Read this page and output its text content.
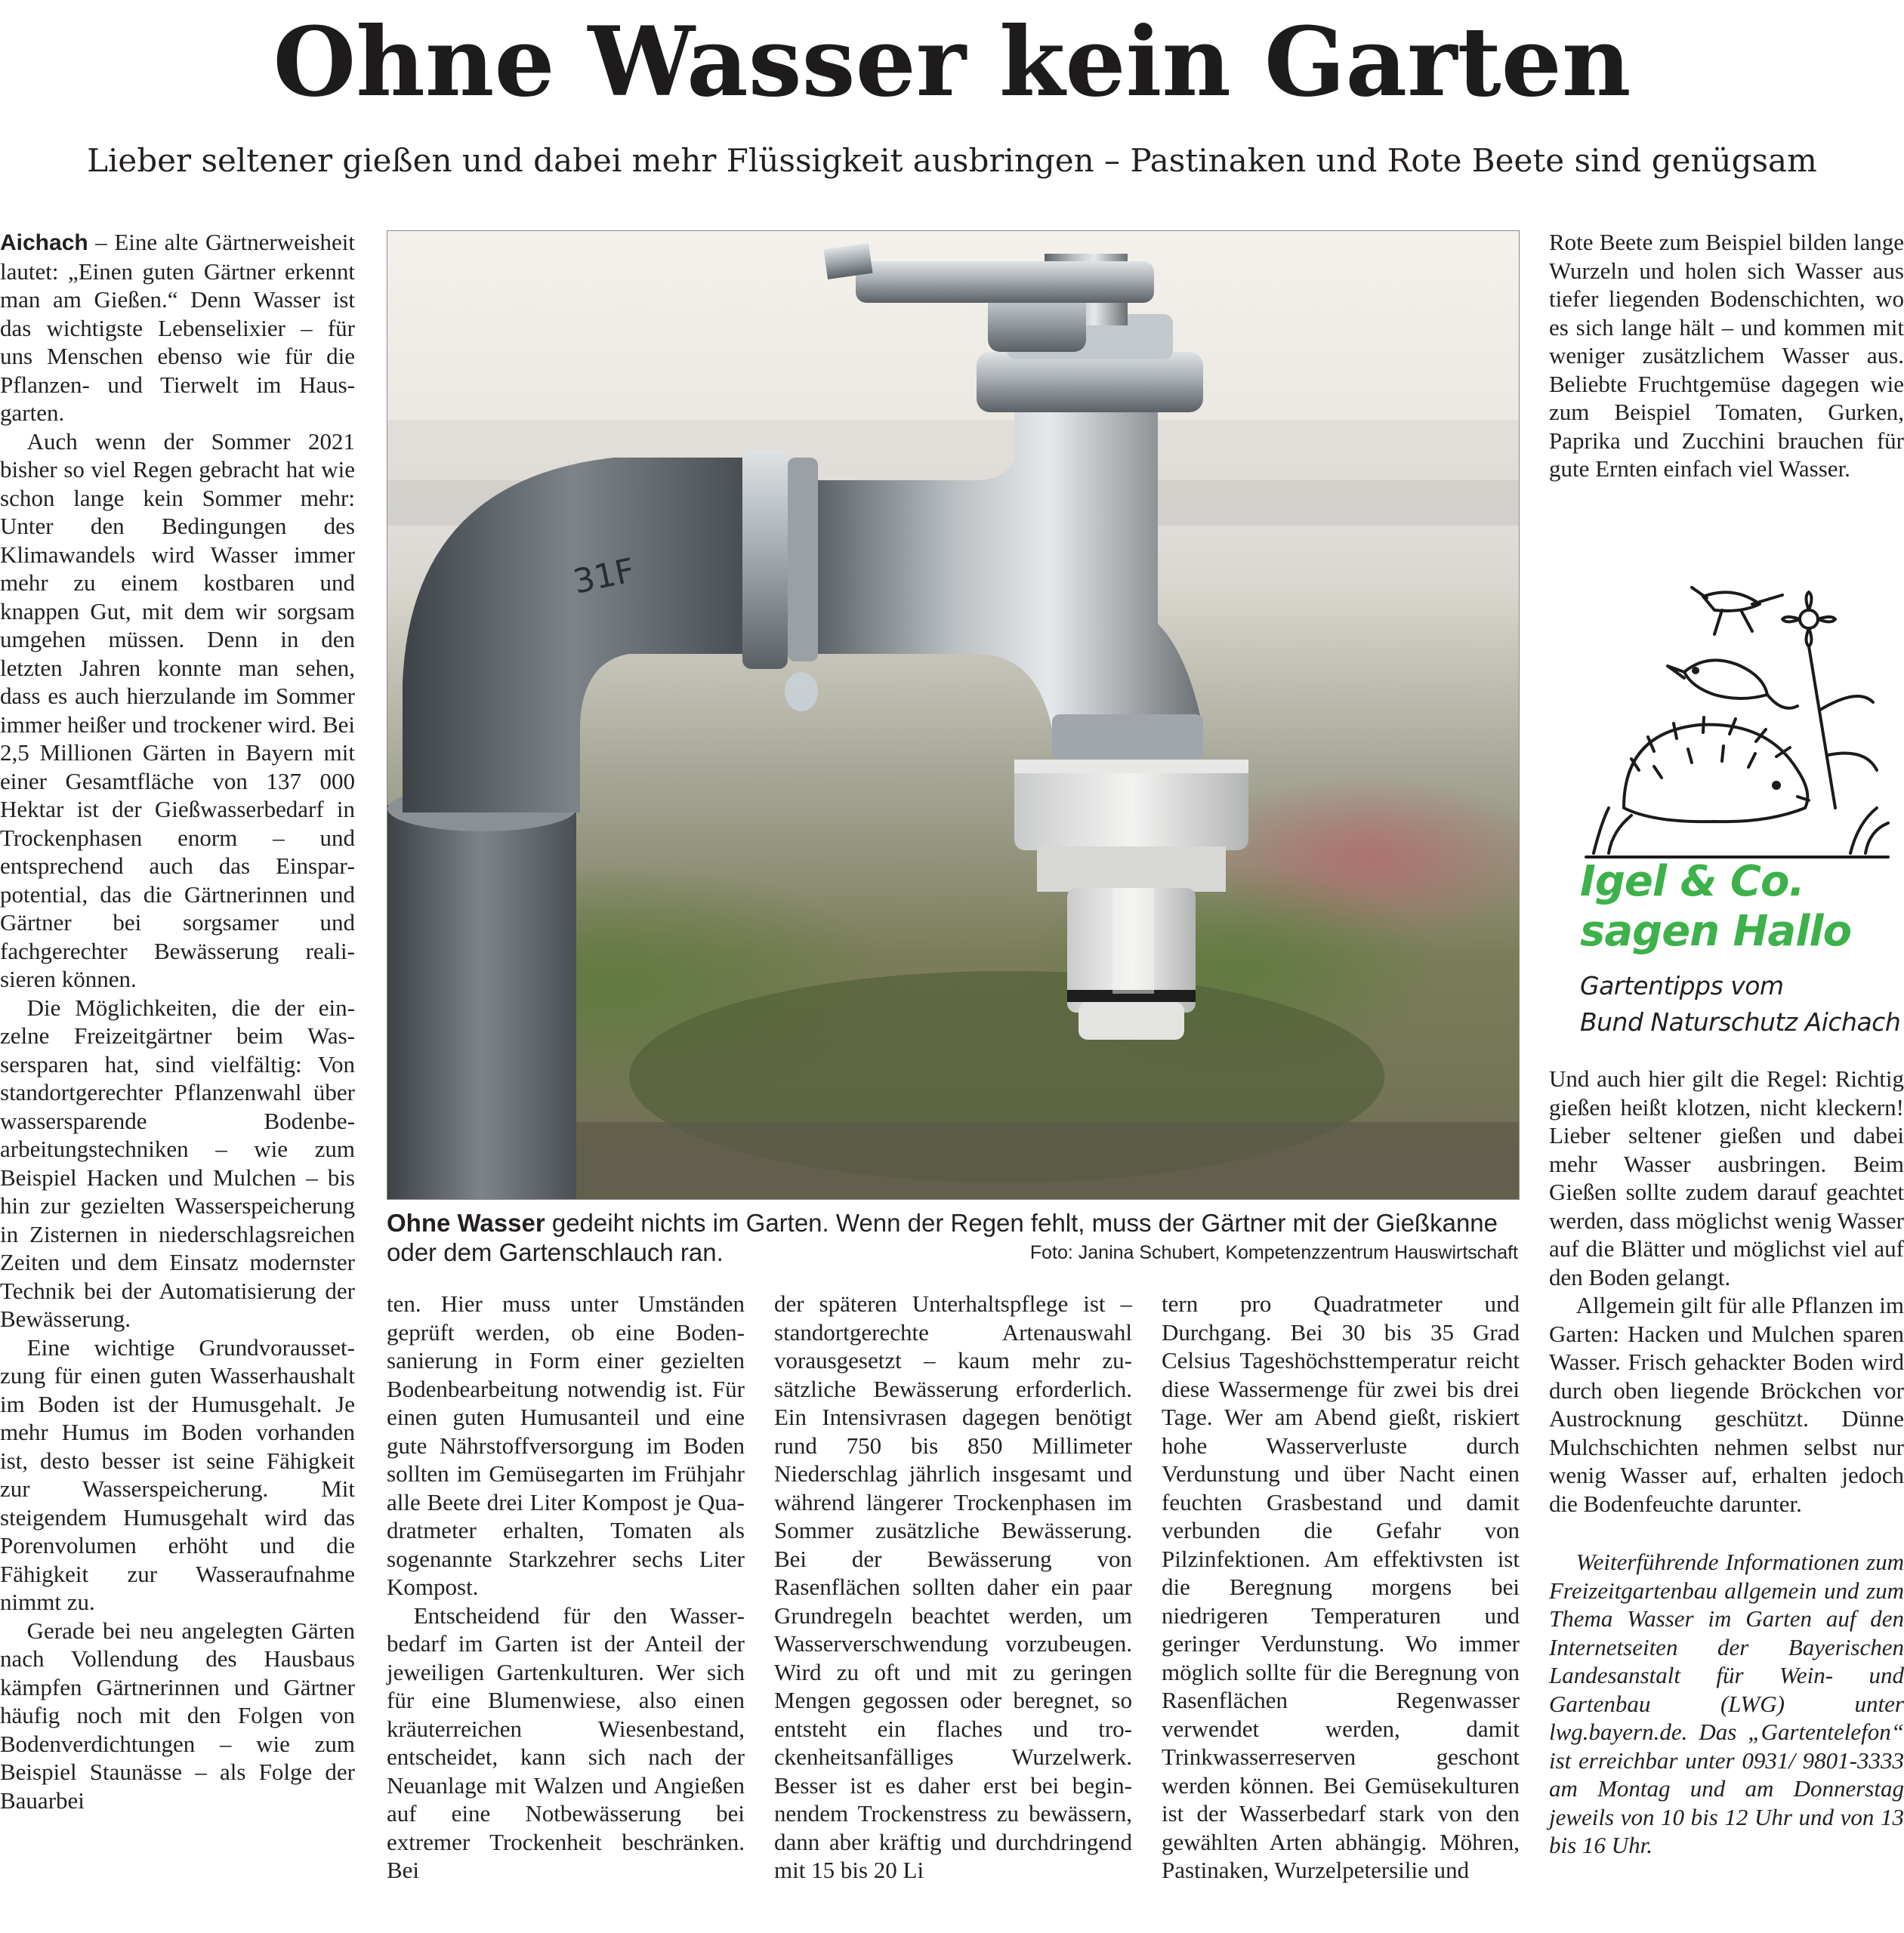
Ohne Wasser kein Garten
Lieber seltener gießen und dabei mehr Flüssigkeit ausbringen – Pastinaken und Rote Beete sind genügsam

Aichach – Eine alte Gärtnerweisheit lautet: „Einen guten Gärtner erkennt man am Gießen.“ Denn Wasser ist das wichtigste Lebenselixier – für uns Menschen ebenso wie für die Pflanzen- und Tierwelt im Hausgarten.

Auch wenn der Sommer 2021 bisher so viel Regen gebracht hat wie schon lange kein Sommer mehr: Unter den Bedingungen des Klimawandels wird Wasser immer mehr zu einem kostbaren und knappen Gut, mit dem wir sorgsam umgehen müssen. Denn in den letzten Jahren konnte man sehen, dass es auch hierzulande im Sommer immer heißer und trockener wird. Bei 2,5 Millionen Gärten in Bayern mit einer Gesamtfläche von 137 000 Hektar ist der Gießwasserbedarf in Trockenphasen enorm – und entsprechend auch das Einsparpotential, das die Gärtnerinnen und Gärtner bei sorgsamer und fachgerechter Bewässerung realisieren können.

Die Möglichkeiten, die der einzelne Freizeitgärtner beim Wassersparen hat, sind vielfältig: Von standortgerechter Pflanzenwahl über wassersparende Bodenbearbeitungstechniken – wie zum Beispiel Hacken und Mulchen – bis hin zur gezielten Wasserspeicherung in Zisternen in niederschlagsreichen Zeiten und dem Einsatz modernster Technik bei der Automatisierung der Bewässerung.

Eine wichtige Grundvoraussetzung für einen guten Wasserhaushalt im Boden ist der Humusgehalt. Je mehr Humus im Boden vorhanden ist, desto besser ist seine Fähigkeit zur Wasserspeicherung. Mit steigendem Humusgehalt wird das Porenvolumen erhöht und die Fähigkeit zur Wasseraufnahme nimmt zu.

Gerade bei neu angelegten Gärten nach Vollendung des Hausbaus kämpfen Gärtnerinnen und Gärtner häufig noch mit den Folgen von Bodenverdichtungen – wie zum Beispiel Staunässe – als Folge der Bauarbei

31F
Ohne Wasser gedeiht nichts im Garten. Wenn der Regen fehlt, muss der Gärtner mit der Gießkanne oder dem Gartenschlauch ran.	Foto: Janina Schubert, Kompetenzzentrum Hauswirtschaft

ten. Hier muss unter Umständen geprüft werden, ob eine Bodensanierung in Form einer gezielten Bodenbearbeitung notwendig ist. Für einen guten Humusanteil und eine gute Nährstoffversorgung im Boden sollten im Gemüsegarten im Frühjahr alle Beete drei Liter Kompost je Quadratmeter erhalten, Tomaten als sogenannte Starkzehrer sechs Liter Kompost.

Entscheidend für den Wasserbedarf im Garten ist der Anteil der jeweiligen Gartenkulturen. Wer sich für eine Blumenwiese, also einen kräuterreichen Wiesenbestand, entscheidet, kann sich nach der Neuanlage mit Walzen und Angießen auf eine Notbewässerung bei extremer Trockenheit beschränken. Bei

der späteren Unterhaltspflege ist – standortgerechte Artenauswahl vorausgesetzt – kaum mehr zusätzliche Bewässerung erforderlich. Ein Intensivrasen dagegen benötigt rund 750 bis 850 Millimeter Niederschlag jährlich insgesamt und während längerer Trockenphasen im Sommer zusätzliche Bewässerung. Bei der Bewässerung von Rasenflächen sollten daher ein paar Grundregeln beachtet werden, um Wasserverschwendung vorzubeugen. Wird zu oft und mit zu geringen Mengen gegossen oder beregnet, so entsteht ein flaches und trockenheitsanfälliges Wurzelwerk. Besser ist es daher erst bei beginnendem Trockenstress zu bewässern, dann aber kräftig und durchdringend mit 15 bis 20 Li

tern pro Quadratmeter und Durchgang. Bei 30 bis 35 Grad Celsius Tageshöchsttemperatur reicht diese Wassermenge für zwei bis drei Tage. Wer am Abend gießt, riskiert hohe Wasserverluste durch Verdunstung und über Nacht einen feuchten Grasbestand und damit verbunden die Gefahr von Pilzinfektionen. Am effektivsten ist die Beregnung morgens bei niedrigeren Temperaturen und geringer Verdunstung. Wo immer möglich sollte für die Beregnung von Rasenflächen Regenwasser verwendet werden, damit Trinkwasserreserven geschont werden können. Bei Gemüsekulturen ist der Wasserbedarf stark von den gewählten Arten abhängig. Möhren, Pastinaken, Wurzelpetersilie und

Rote Beete zum Beispiel bilden lange Wurzeln und holen sich Wasser aus tiefer liegenden Bodenschichten, wo es sich lange hält – und kommen mit weniger zusätzlichem Wasser aus. Beliebte Fruchtgemüse dagegen wie zum Beispiel Tomaten, Gurken, Paprika und Zucchini brauchen für gute Ernten einfach viel Wasser.

Igel & Co.
sagen Hallo
Gartentipps vom
Bund Naturschutz Aichach

Und auch hier gilt die Regel: Richtig gießen heißt klotzen, nicht kleckern! Lieber seltener gießen und dabei mehr Wasser ausbringen. Beim Gießen sollte zudem darauf geachtet werden, dass möglichst wenig Wasser auf die Blätter und möglichst viel auf den Boden gelangt.

Allgemein gilt für alle Pflanzen im Garten: Hacken und Mulchen sparen Wasser. Frisch gehackter Boden wird durch oben liegende Bröckchen vor Austrocknung geschützt. Dünne Mulchschichten nehmen selbst nur wenig Wasser auf, erhalten jedoch die Bodenfeuchte darunter.

Weiterführende Informationen zum Freizeitgartenbau allgemein und zum Thema Wasser im Garten auf den Internetseiten der Bayerischen Landesanstalt für Wein- und Gartenbau (LWG) unter lwg.bayern.de. Das „Gartentelefon“ ist erreichbar unter 0931/ 9801-3333 am Montag und am Donnerstag jeweils von 10 bis 12 Uhr und von 13 bis 16 Uhr.
